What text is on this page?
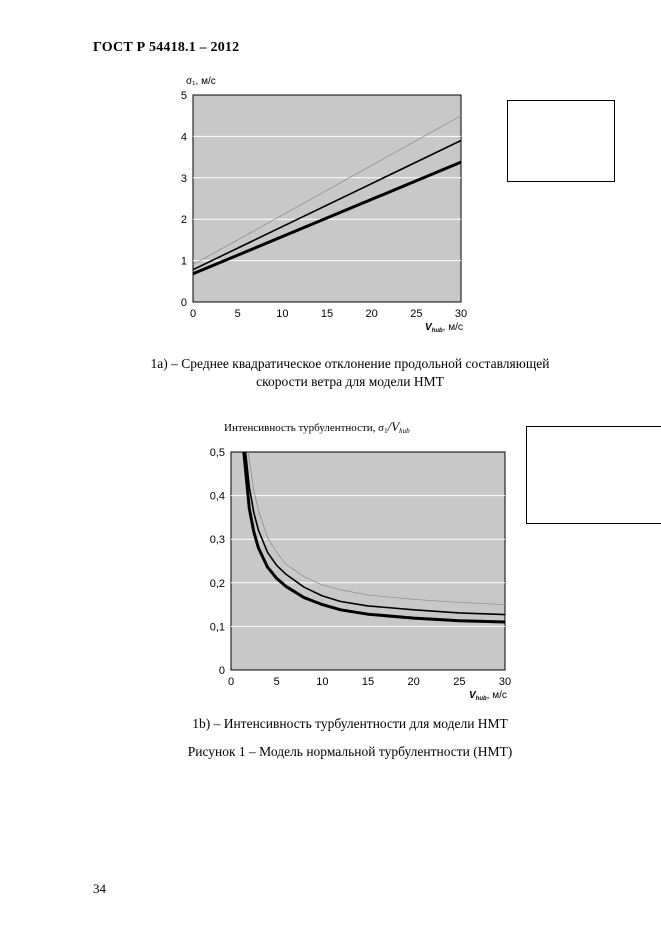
ГОСТ Р 54418.1 – 2012
0
1
2
3
4
5
0	5	10	15	20	25	30
$V_{hub}$, м/с
σ₁, м/с
1а) – Среднее квадратическое отклонение продольной составляющей
скорости ветра для модели НМТ
0
0,1
0,2
0,3
0,4
0,5
0	5	10	15	20	25	30
$V_{hub}$, м/с
Интенсивность турбулентности, σ1/Vhub
1b) – Интенсивность турбулентности для модели НМТ
Рисунок 1 – Модель нормальной турбулентности (НМТ)
34
